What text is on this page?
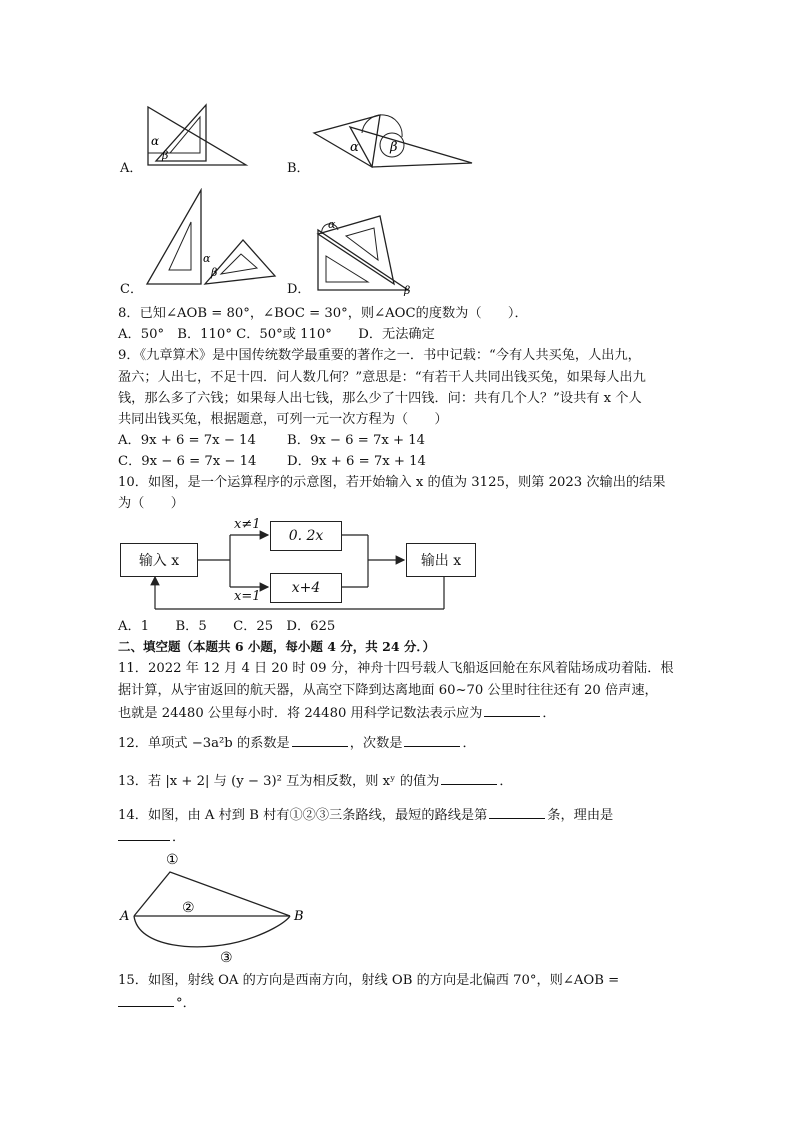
A．
α
β
B．
α β
C．
α
β
D．
α
β
8．已知∠AOB = 80°，∠BOC = 30°，则∠AOC的度数为（　　）．
A．50°　B．110° C．50°或 110°　　D．无法确定
9．《九章算术》是中国传统数学最重要的著作之一．书中记载：“今有人共买兔，人出九，
盈六；人出七，不足十四．问人数几何？”意思是：“有若干人共同出钱买兔，如果每人出九
钱，那么多了六钱；如果每人出七钱，那么少了十四钱．问：共有几个人？”设共有 x 个人
共同出钱买兔，根据题意，可列一元一次方程为（　　）
A．9x + 6 = 7x − 14 B．9x − 6 = 7x + 14
C．9x − 6 = 7x − 14 D．9x + 6 = 7x + 14
10．如图，是一个运算程序的示意图，若开始输入 x 的值为 3125，则第 2023 次输出的结果
为（　　）
输入 x
0. 2x
x+4
输出 x
x≠1
x=1
A．1　　B．5　　C．25　D．625
二、填空题（本题共 6 小题，每小题 4 分，共 24 分．）
11．2022 年 12 月 4 日 20 时 09 分，神舟十四号载人飞船返回舱在东风着陆场成功着陆．根
据计算，从宇宙返回的航天器，从高空下降到达离地面 60~70 公里时往往还有 20 倍声速，
也就是 24480 公里每小时．将 24480 用科学记数法表示应为	．
12．单项式 −3a²b 的系数是	，次数是	．
13．若 |x + 2| 与 (y − 3)² 互为相反数，则 xʸ 的值为	．
14．如图，由 A 村到 B 村有①②③三条路线，最短的路线是第	条，理由是
．
①
②
③
A	B
15．如图，射线 OA 的方向是西南方向，射线 OB 的方向是北偏西 70°，则∠AOB =
°．
